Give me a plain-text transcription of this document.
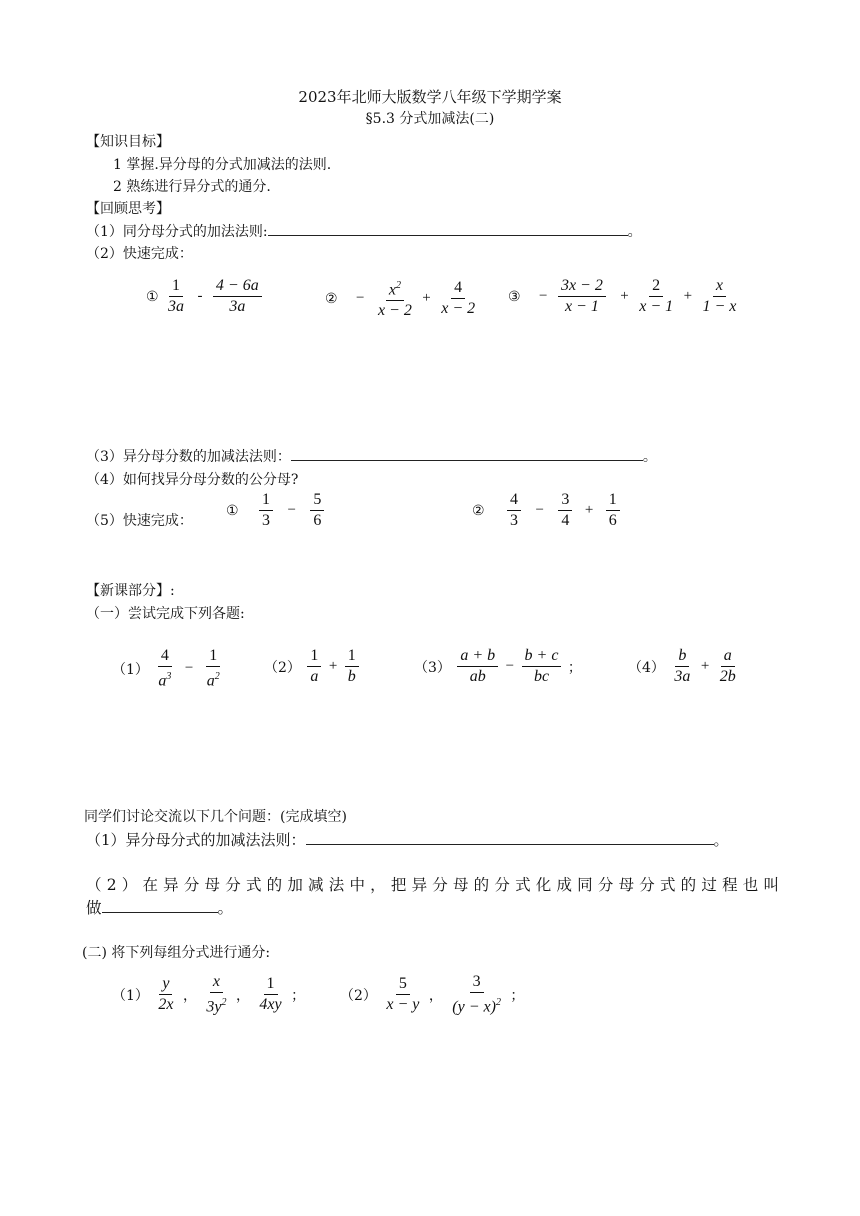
2023年北师大版数学八年级下学期学案
§5.3 分式加减法(二)
【知识目标】
1 掌握.异分母的分式加减法的法则.
2 熟练进行异分式的通分.
【回顾思考】
（1）同分母分式的加法法则:	。
（2）快速完成：
① $\frac{1}{3a} - \frac{4 - 6a}{3a}$	② − $\frac{x^2}{x - 2} + \frac{4}{x - 2}$ ③ − $\frac{3x - 2}{x - 1} + \frac{2}{x - 1} + \frac{x}{1 - x}$
（3）异分母分数的加减法法则：	。
（4）如何找异分母分数的公分母?
（5）快速完成：
① $\frac{1}{3} - \frac{5}{6}$	② $\frac{4}{3} - \frac{3}{4} + \frac{1}{6}$
【新课部分】:
（一）尝试完成下列各题:
$(1) \frac{4}{a^3} - \frac{1}{a^2}$	$(2) \frac{1}{a} + \frac{1}{b}$	$(3) \frac{a + b}{ab} - \frac{b + c}{bc}$ ；	$(4) \frac{b}{3a} + \frac{a}{2b}$
同学们讨论交流以下几个问题：(完成填空)
（1）异分母分式的加减法法则：	。
（2）在异分母分式的加减法中，把异分母的分式化成同分母分式的过程也叫
做	。
(二) 将下列每组分式进行通分:
$(1) \frac{y}{2x}$ ， $\frac{x}{3y^2}$ ， $\frac{1}{4xy}$ ； $(2) \frac{5}{x - y}$ ， $\frac{3}{(y - x)^2}$ ；
